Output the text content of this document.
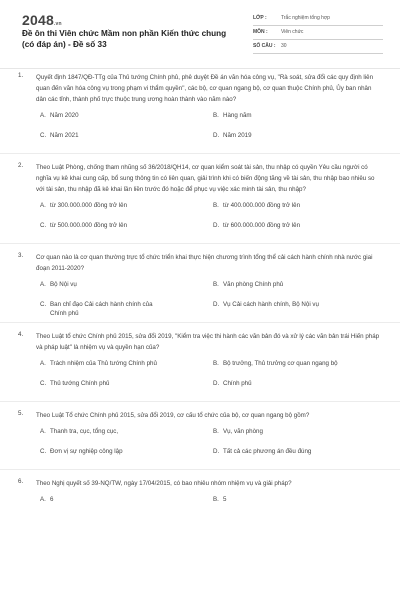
2048.vn
Đề ôn thi Viên chức Mầm non phần Kiến thức chung (có đáp án) - Đề số 33
LỚP :	Trắc nghiệm tổng hợp
MÔN :	Viên chức
SỐ CÂU : 30
1. Quyết định 1847/QĐ-TTg của Thủ tướng Chính phủ, phê duyệt Đề án văn hóa công vụ, "Rà soát, sửa đổi các quy định liên quan đến văn hóa công vụ trong phạm vi thẩm quyền", các bộ, cơ quan ngang bộ, cơ quan thuộc Chính phủ, Ủy ban nhân dân các tỉnh, thành phố trực thuộc trung ương hoàn thành vào năm nào?
A. Năm 2020	B. Hàng năm
C. Năm 2021	D. Năm 2019
2. Theo Luật Phòng, chống tham nhũng số 36/2018/QH14, cơ quan kiểm soát tài sản, thu nhập có quyền Yêu cầu người có nghĩa vụ kê khai cung cấp, bổ sung thông tin có liên quan, giải trình khi có biến động tăng về tài sản, thu nhập bao nhiêu so với tài sản, thu nhập đã kê khai lần liền trước đó hoặc để phục vụ việc xác minh tài sản, thu nhập?
A. từ 300.000.000 đồng trở lên	B. từ 400.000.000 đồng trở lên
C. từ 500.000.000 đồng trở lên	D. từ 600.000.000 đồng trở lên
3. Cơ quan nào là cơ quan thường trực tổ chức triển khai thực hiện chương trình tổng thể cải cách hành chính nhà nước giai đoạn 2011-2020?
A. Bộ Nội vụ	B. Văn phòng Chính phủ
C. Ban chỉ đạo Cải cách hành chính của Chính phủ
D. Vụ Cải cách hành chính, Bộ Nội vụ
4. Theo Luật tổ chức Chính phủ 2015, sửa đổi 2019, "Kiểm tra việc thi hành các văn bản đó và xử lý các văn bản trái Hiến pháp và pháp luật" là nhiệm vụ và quyền hạn của?
A. Trách nhiệm của Thủ tướng Chính phủ	B. Bộ trưởng, Thủ trưởng cơ quan ngang bộ
C. Thủ tướng Chính phủ	D. Chính phủ
5. Theo Luật Tổ chức Chính phủ 2015, sửa đổi 2019, cơ cấu tổ chức của bộ, cơ quan ngang bộ gồm?
A. Thanh tra, cục, tổng cục,	B. Vụ, văn phòng
C. Đơn vị sự nghiệp công lập	D. Tất cả các phương án đều đúng
6. Theo Nghị quyết số 39-NQ/TW, ngày 17/04/2015, có bao nhiêu nhóm nhiệm vụ và giải pháp?
A. 6	B. 5
